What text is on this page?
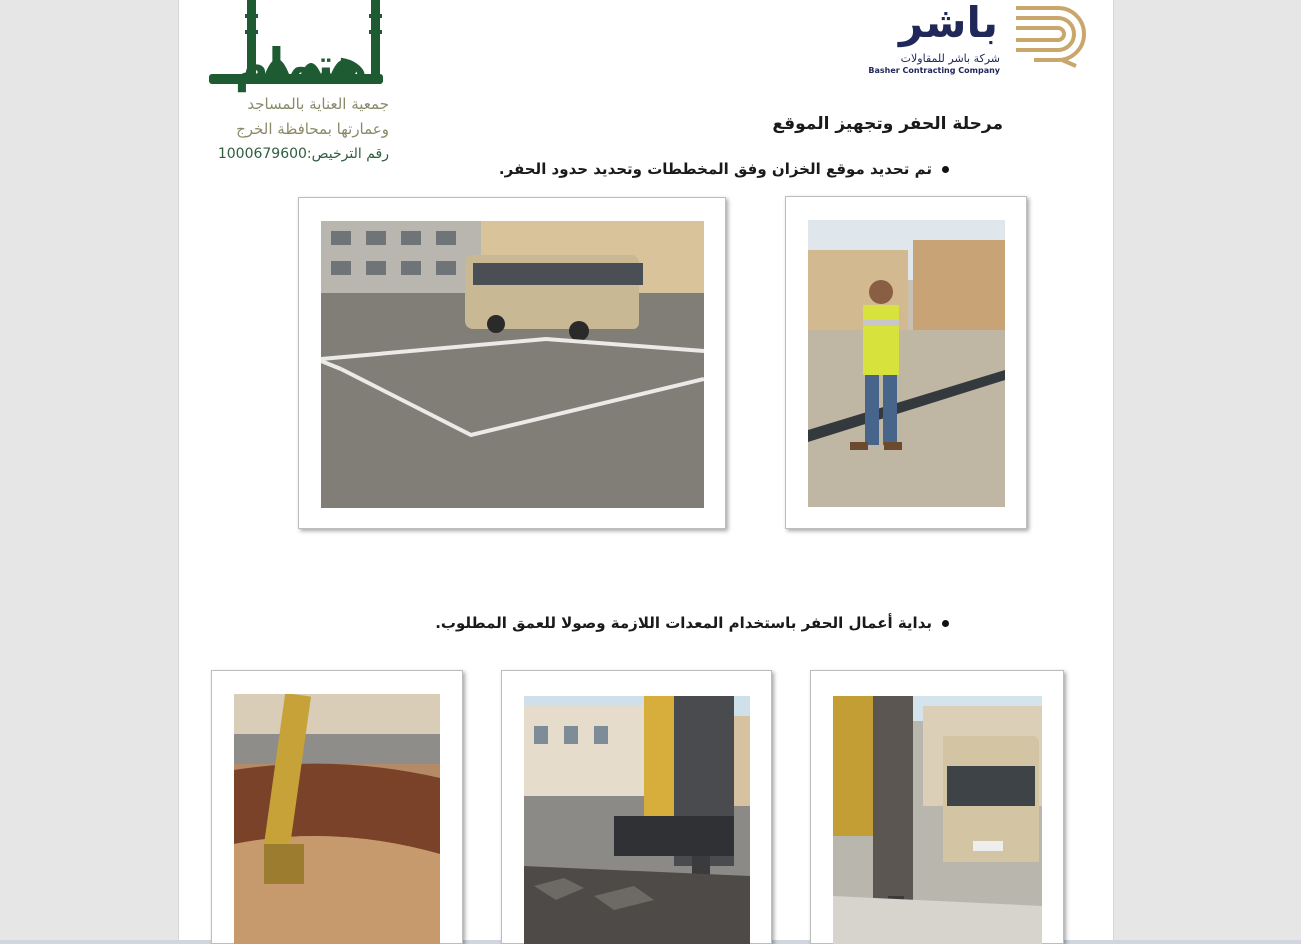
جمعية العناية بالمساجد
وعمارتها بمحافظة الخرج
رقم الترخيص:1000679600
باشر
شركة باشر للمقاولات
Basher Contracting Company
مرحلة الحفر وتجهيز الموقع
تم تحديد موقع الخزان وفق المخططات وتحديد حدود الحفر.
بداية أعمال الحفر باستخدام المعدات اللازمة وصولا للعمق المطلوب.
اهتمام
